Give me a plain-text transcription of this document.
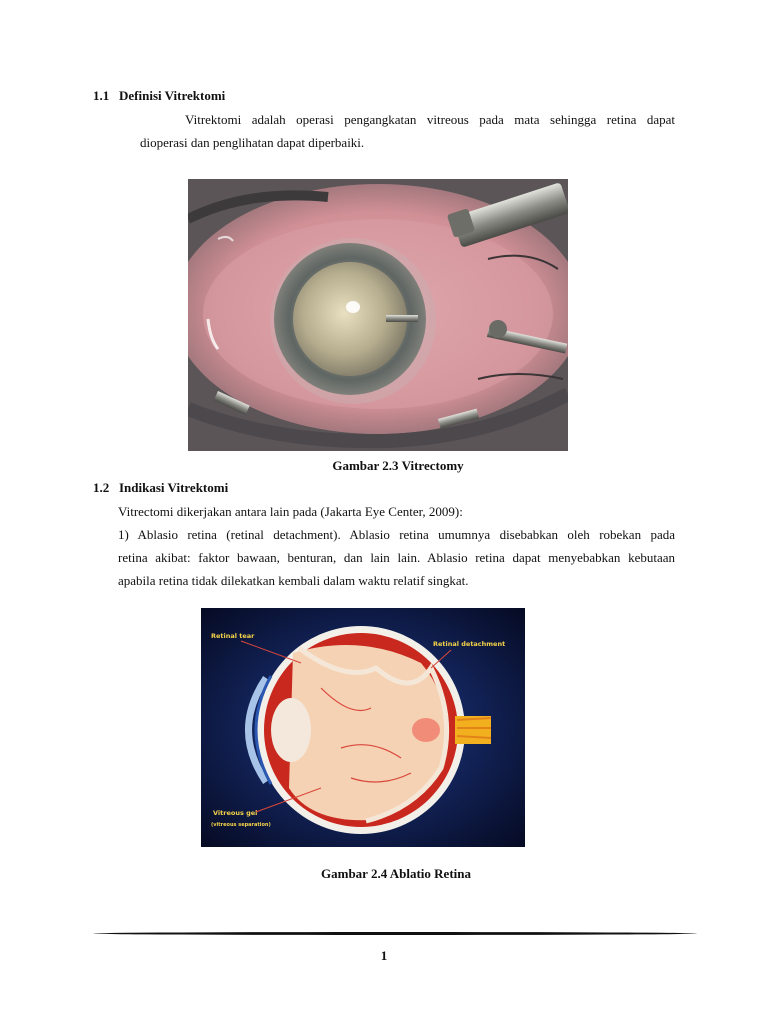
1.1 Definisi Vitrektomi
Vitrektomi adalah operasi pengangkatan vitreous pada mata sehingga retina dapat
dioperasi dan penglihatan dapat diperbaiki.
Gambar 2.3 Vitrectomy
1.2 Indikasi Vitrektomi
Vitrectomi dikerjakan antara lain pada (Jakarta Eye Center, 2009):
1) Ablasio retina (retinal detachment). Ablasio retina umumnya disebabkan oleh robekan pada
retina akibat: faktor bawaan, benturan, dan lain lain. Ablasio retina dapat menyebabkan kebutaan
apabila retina tidak dilekatkan kembali dalam waktu relatif singkat.
Retinal tear
Retinal detachment
Vitreous gel
(vitreous separation)
Gambar 2.4 Ablatio Retina
1
